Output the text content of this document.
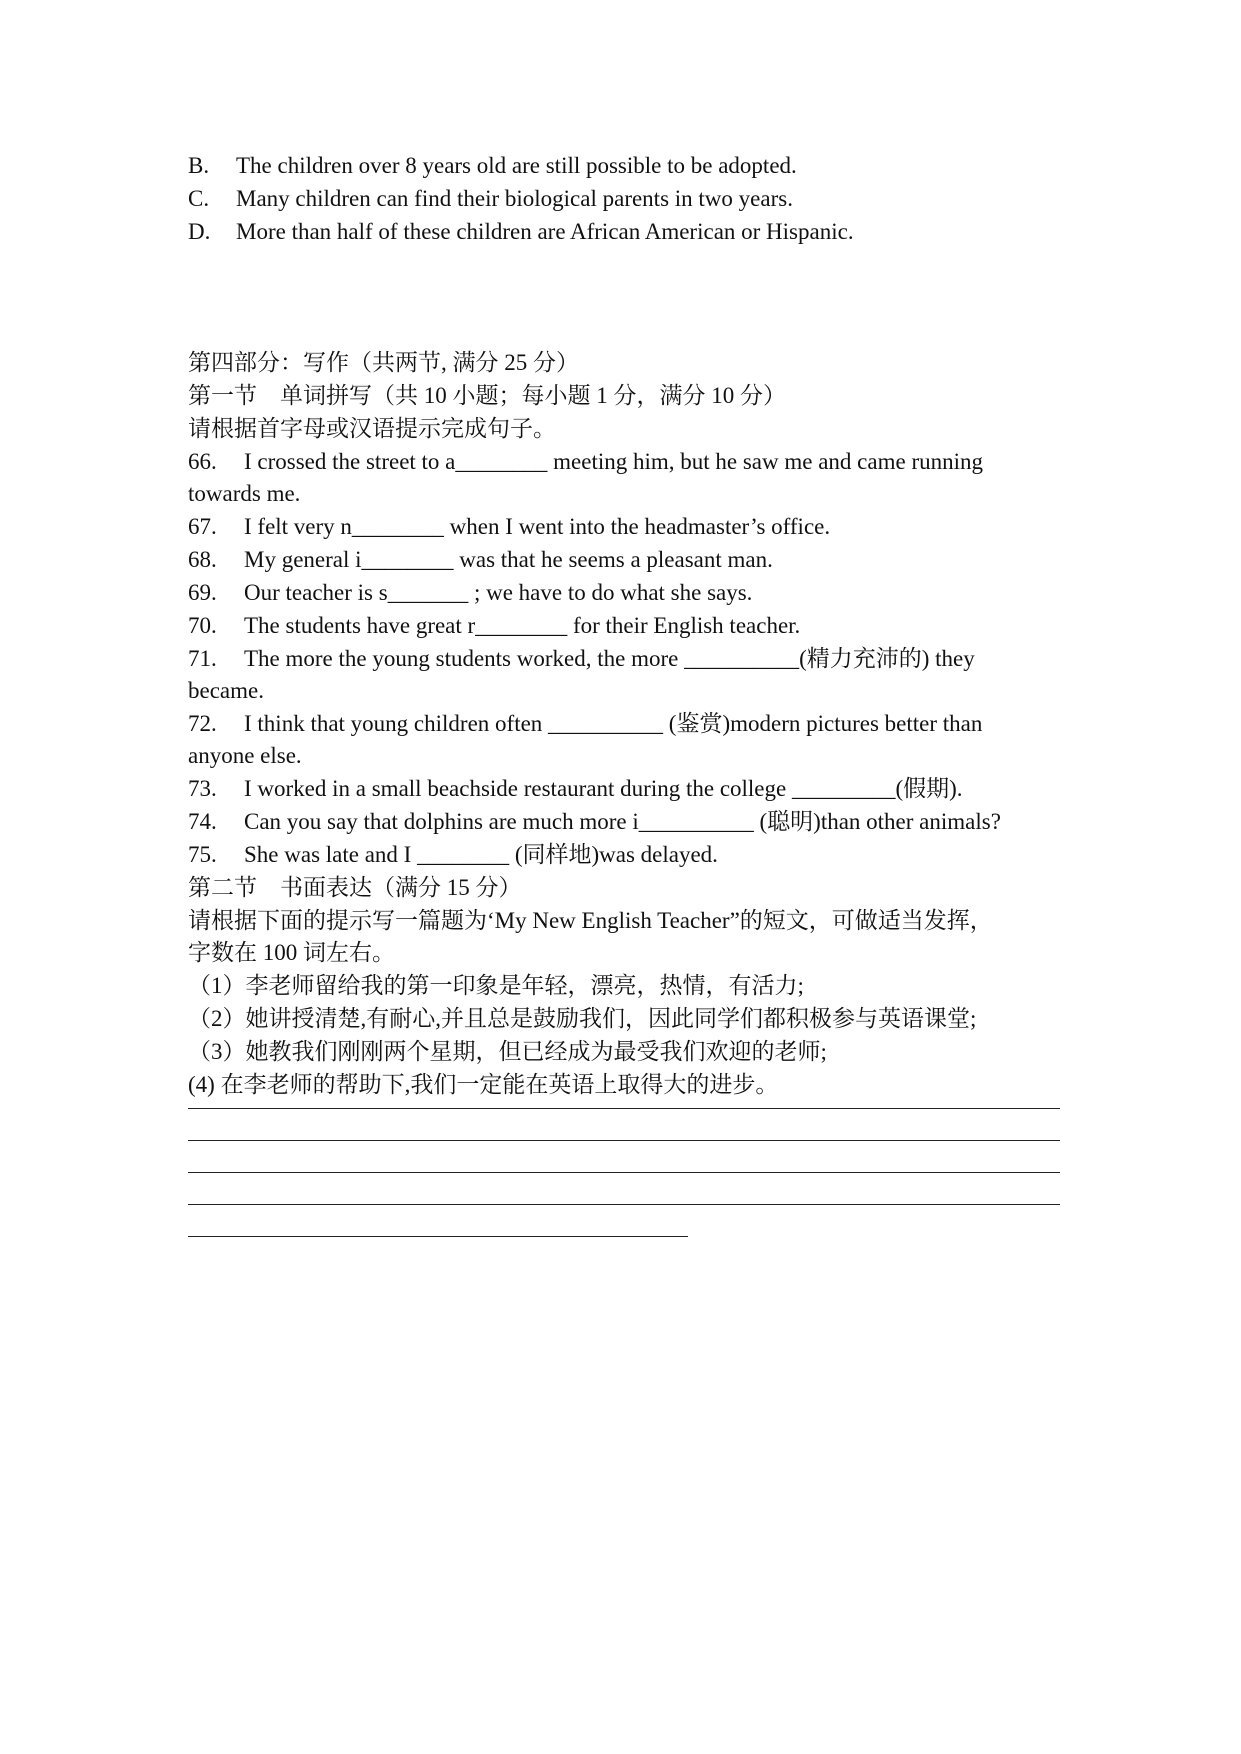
B. The children over 8 years old are still possible to be adopted.
C. Many children can find their biological parents in two years.
D. More than half of these children are African American or Hispanic.
第四部分：写作（共两节, 满分 25 分）
第一节　单词拼写（共 10 小题；每小题 1 分，满分 10 分）
请根据首字母或汉语提示完成句子。
66. I crossed the street to a________ meeting him, but he saw me and came running
towards me.
67. I felt very n________ when I went into the headmaster’s office.
68. My general i________ was that he seems a pleasant man.
69. Our teacher is s_______ ; we have to do what she says.
70. The students have great r________ for their English teacher.
71. The more the young students worked, the more __________(精力充沛的) they
became.
72. I think that young children often __________ (鉴赏)modern pictures better than
anyone else.
73. I worked in a small beachside restaurant during the college _________(假期).
74. Can you say that dolphins are much more i__________ (聪明)than other animals?
75. She was late and I ________ (同样地)was delayed.
第二节　书面表达（满分 15 分）
请根据下面的提示写一篇题为‘My New English Teacher”的短文，可做适当发挥，
字数在 100 词左右。
（1）李老师留给我的第一印象是年轻，漂亮，热情，有活力;
（2）她讲授清楚,有耐心,并且总是鼓励我们，因此同学们都积极参与英语课堂;
（3）她教我们刚刚两个星期，但已经成为最受我们欢迎的老师;
(4) 在李老师的帮助下,我们一定能在英语上取得大的进步。
